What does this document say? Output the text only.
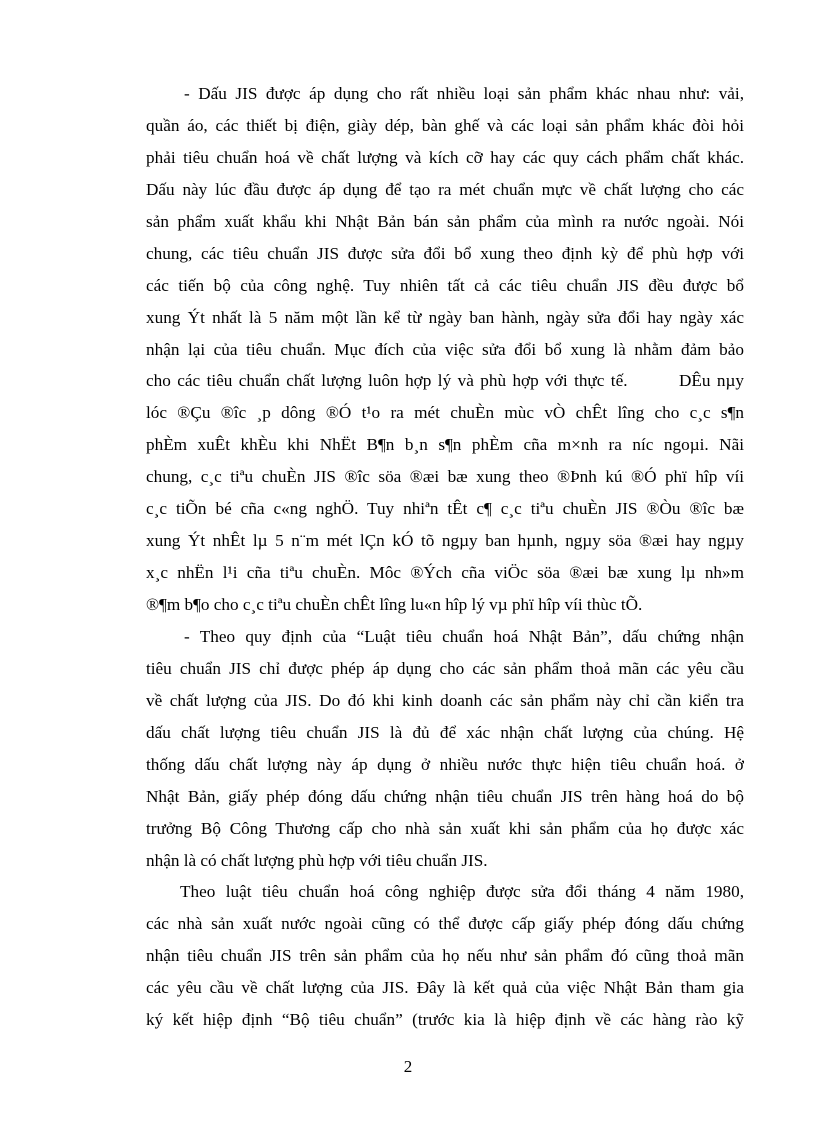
- Dấu JIS được áp dụng cho rất nhiều loại sản phẩm khác nhau như: vải,
quần áo, các thiết bị điện, giày dép, bàn ghế và các loại sản phẩm khác đòi hỏi
phải tiêu chuẩn hoá về chất lượng và kích cỡ hay các quy cách phẩm chất khác.
Dấu này lúc đầu được áp dụng để tạo ra mét chuẩn mực về chất lượng cho các
sản phẩm xuất khẩu khi Nhật Bản bán sản phẩm của mình ra nước ngoài. Nói
chung, các tiêu chuẩn JIS được sửa đổi bổ xung theo định kỳ để phù hợp với
các tiến bộ của công nghệ. Tuy nhiên tất cả các tiêu chuẩn JIS đều được bổ
xung Ýt nhất là 5 năm một lần kể từ ngày ban hành, ngày sửa đổi hay ngày xác
nhận lại của tiêu chuẩn. Mục đích của việc sửa đổi bổ xung là nhằm đảm bảo
cho các tiêu chuẩn chất lượng luôn hợp lý và phù hợp với thực tế.        DÊu nµy
lóc ®Çu ®îc ¸p dông ®Ó t¹o ra mét chuÈn mùc vÒ chÊt lîng cho c¸c s¶n
phÈm xuÊt khÈu khi NhËt B¶n b¸n s¶n phÈm cña m×nh ra níc ngoµi. Nãi
chung, c¸c tiªu chuÈn JIS ®îc söa ®æi bæ xung theo ®Þnh kú ®Ó phï hîp víi
c¸c tiÕn bé cña c«ng nghÖ. Tuy nhiªn tÊt c¶ c¸c tiªu chuÈn JIS ®Òu ®îc bæ
xung Ýt nhÊt lµ 5 n¨m mét lÇn kÓ tõ ngµy ban hµnh, ngµy söa ®æi hay ngµy
x¸c nhËn l¹i cña tiªu chuÈn. Môc ®Ých cña viÖc söa ®æi bæ xung lµ nh»m
®¶m b¶o cho c¸c tiªu chuÈn chÊt lîng lu«n hîp lý vµ phï hîp víi thùc tÕ.
- Theo quy định của “Luật tiêu chuẩn hoá Nhật Bản”, dấu chứng nhận
tiêu chuẩn JIS chỉ được phép áp dụng cho các sản phẩm thoả mãn các yêu cầu
về chất lượng của JIS. Do đó khi kinh doanh các sản phẩm này chỉ cần kiển tra
dấu chất lượng tiêu chuẩn JIS là đủ để xác nhận chất lượng của chúng. Hệ
thống dấu chất lượng này áp dụng ở nhiều nước thực hiện tiêu chuẩn hoá. ở
Nhật Bản, giấy phép đóng dấu chứng nhận tiêu chuẩn JIS trên hàng hoá do bộ
trưởng Bộ Công Thương cấp cho nhà sản xuất khi sản phẩm của họ được xác
nhận là có chất lượng phù hợp với tiêu chuẩn JIS.
Theo luật tiêu chuẩn hoá công nghiệp được sửa đổi tháng 4 năm 1980,
các nhà sản xuất nước ngoài cũng có thể được cấp giấy phép đóng dấu chứng
nhận tiêu chuẩn JIS trên sản phẩm của họ nếu như sản phẩm đó cũng thoả mãn
các yêu cầu về chất lượng của JIS. Đây là kết quả của việc Nhật Bản tham gia
ký kết hiệp định “Bộ tiêu chuẩn” (trước kia là hiệp định về các hàng rào kỹ
2
